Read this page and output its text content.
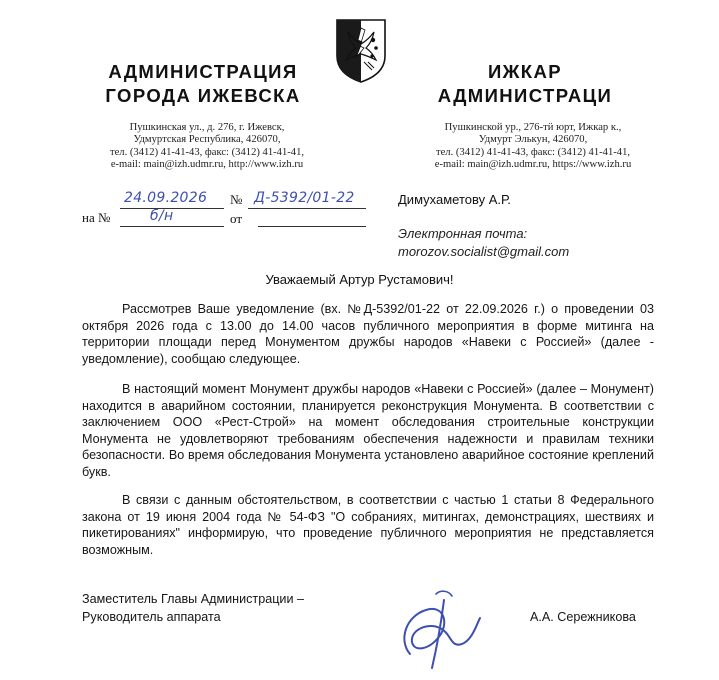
АДМИНИСТРАЦИЯ
ГОРОДА ИЖЕВСКА
ИЖКАР
АДМИНИСТРАЦИ
Пушкинская ул., д. 276, г. Ижевск,
Удмуртская Республика, 426070,
тел. (3412) 41-41-43, факс: (3412) 41-41-41,
e-mail: main@izh.udmr.ru, http://www.izh.ru
Пушкинской ур., 276-тӥ юрт, Ижкар к.,
Удмурт Элькун, 426070,
тел. (3412) 41-41-43, факс: (3412) 41-41-41,
e-mail: main@izh.udmr.ru, https://www.izh.ru
24.09.2026 № Д-5392/01-22
на №	б/н	от
Димухаметову А.Р.
Электронная почта:
morozov.socialist@gmail.com
Уважаемый Артур Рустамович!
Рассмотрев Ваше уведомление (вх. №Д-5392/01-22 от 22.09.2026 г.) о проведении 03 октября 2026 года с 13.00 до 14.00 часов публичного мероприятия в форме митинга на территории площади перед Монументом дружбы народов «Навеки с Россией» (далее - уведомление), сообщаю следующее.
В настоящий момент Монумент дружбы народов «Навеки с Россией» (далее – Монумент) находится в аварийном состоянии, планируется реконструкция Монумента. В соответствии с заключением ООО «Рест-Строй» на момент обследования строительные конструкции Монумента не удовлетворяют требованиям обеспечения надежности и правилам техники безопасности. Во время обследования Монумента установлено аварийное состояние креплений букв.
В связи с данным обстоятельством, в соответствии с частью 1 статьи 8 Федерального закона от 19 июня 2004 года № 54-ФЗ "О собраниях, митингах, демонстрациях, шествиях и пикетированиях" информирую, что проведение публичного мероприятия не представляется возможным.
Заместитель Главы Администрации –
Руководитель аппарата	А.А. Сережникова
